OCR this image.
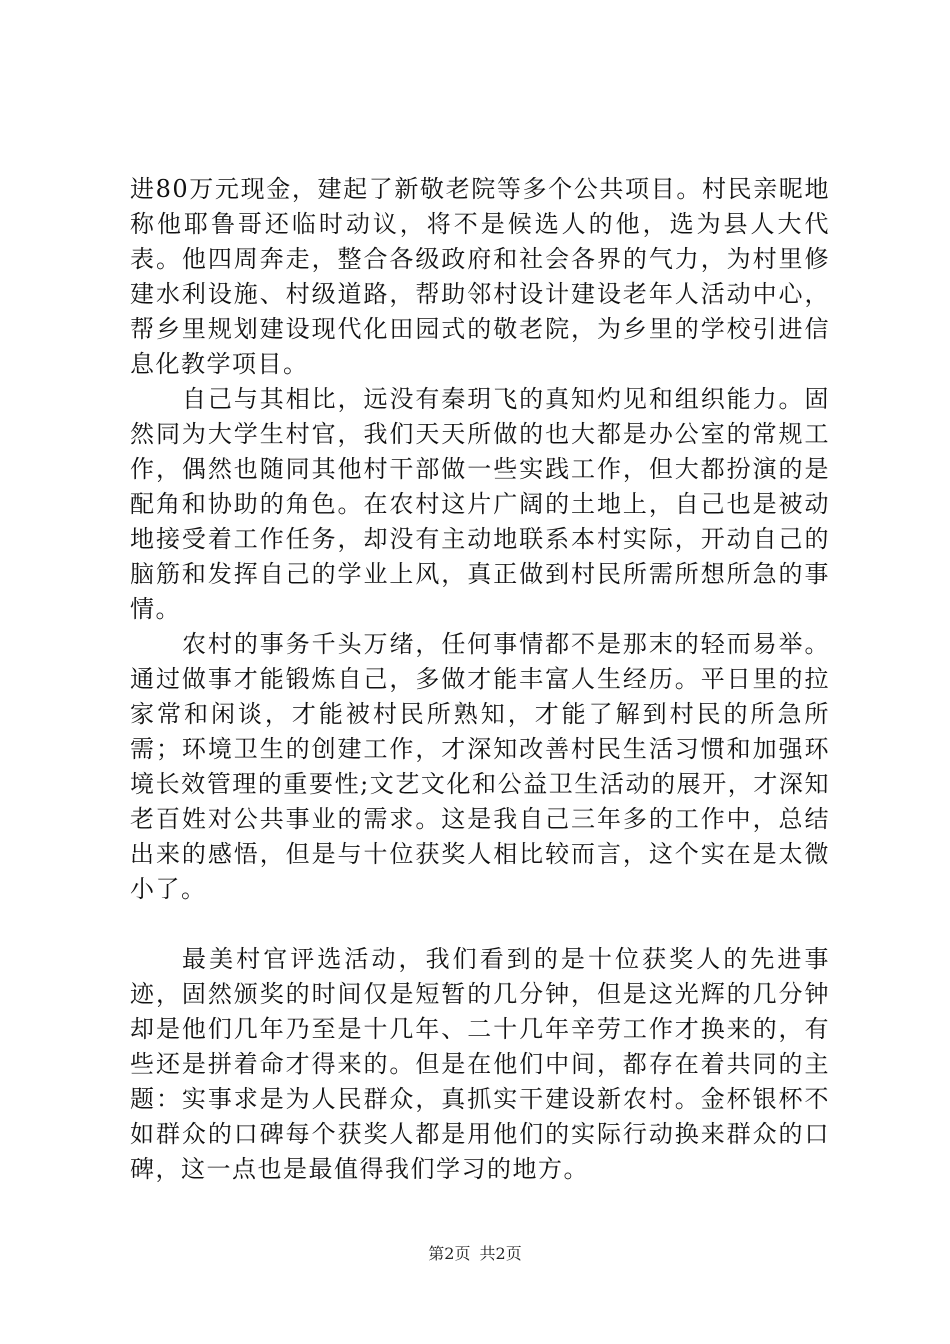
进80万元现金，建起了新敬老院等多个公共项目。村民亲昵地称他耶鲁哥还临时动议，将不是候选人的他，选为县人大代表。他四周奔走，整合各级政府和社会各界的气力，为村里修建水利设施、村级道路，帮助邻村设计建设老年人活动中心，帮乡里规划建设现代化田园式的敬老院，为乡里的学校引进信息化教学项目。

自己与其相比，远没有秦玥飞的真知灼见和组织能力。固然同为大学生村官，我们天天所做的也大都是办公室的常规工作，偶然也随同其他村干部做一些实践工作，但大都扮演的是配角和协助的角色。在农村这片广阔的土地上，自己也是被动地接受着工作任务，却没有主动地联系本村实际，开动自己的脑筋和发挥自己的学业上风，真正做到村民所需所想所急的事情。

农村的事务千头万绪，任何事情都不是那末的轻而易举。通过做事才能锻炼自己，多做才能丰富人生经历。平日里的拉家常和闲谈，才能被村民所熟知，才能了解到村民的所急所需；环境卫生的创建工作，才深知改善村民生活习惯和加强环境长效管理的重要性;文艺文化和公益卫生活动的展开，才深知老百姓对公共事业的需求。这是我自己三年多的工作中，总结出来的感悟，但是与十位获奖人相比较而言，这个实在是太微小了。

最美村官评选活动，我们看到的是十位获奖人的先进事迹，固然颁奖的时间仅是短暂的几分钟，但是这光辉的几分钟却是他们几年乃至是十几年、二十几年辛劳工作才换来的，有些还是拼着命才得来的。但是在他们中间，都存在着共同的主题：实事求是为人民群众，真抓实干建设新农村。金杯银杯不如群众的口碑每个获奖人都是用他们的实际行动换来群众的口碑，这一点也是最值得我们学习的地方。

第2页 共2页
